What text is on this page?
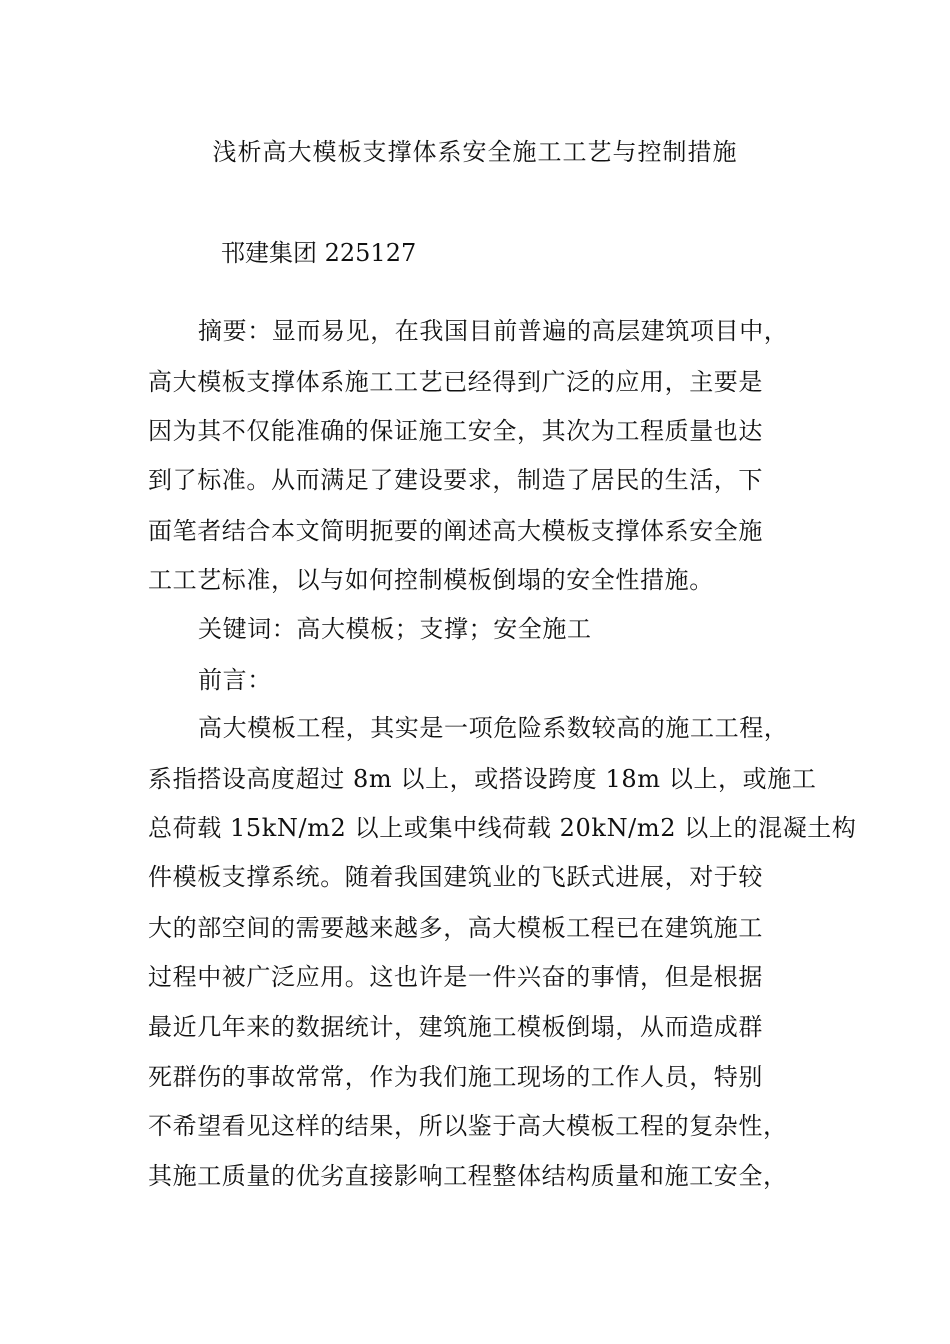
浅析高大模板支撑体系安全施工工艺与控制措施
邗建集团 225127
摘要：显而易见，在我国目前普遍的高层建筑项目中，
高大模板支撑体系施工工艺已经得到广泛的应用，主要是
因为其不仅能准确的保证施工安全，其次为工程质量也达
到了标准。从而满足了建设要求，制造了居民的生活，下
面笔者结合本文简明扼要的阐述高大模板支撑体系安全施
工工艺标准，以与如何控制模板倒塌的安全性措施。
关键词：高大模板；支撑；安全施工
前言：
高大模板工程，其实是一项危险系数较高的施工工程，
系指搭设高度超过 8m 以上，或搭设跨度 18m 以上，或施工
总荷载 15kN/m2 以上或集中线荷载 20kN/m2 以上的混凝土构
件模板支撑系统。随着我国建筑业的飞跃式进展，对于较
大的部空间的需要越来越多，高大模板工程已在建筑施工
过程中被广泛应用。这也许是一件兴奋的事情，但是根据
最近几年来的数据统计，建筑施工模板倒塌，从而造成群
死群伤的事故常常，作为我们施工现场的工作人员，特别
不希望看见这样的结果，所以鉴于高大模板工程的复杂性，
其施工质量的优劣直接影响工程整体结构质量和施工安全，
